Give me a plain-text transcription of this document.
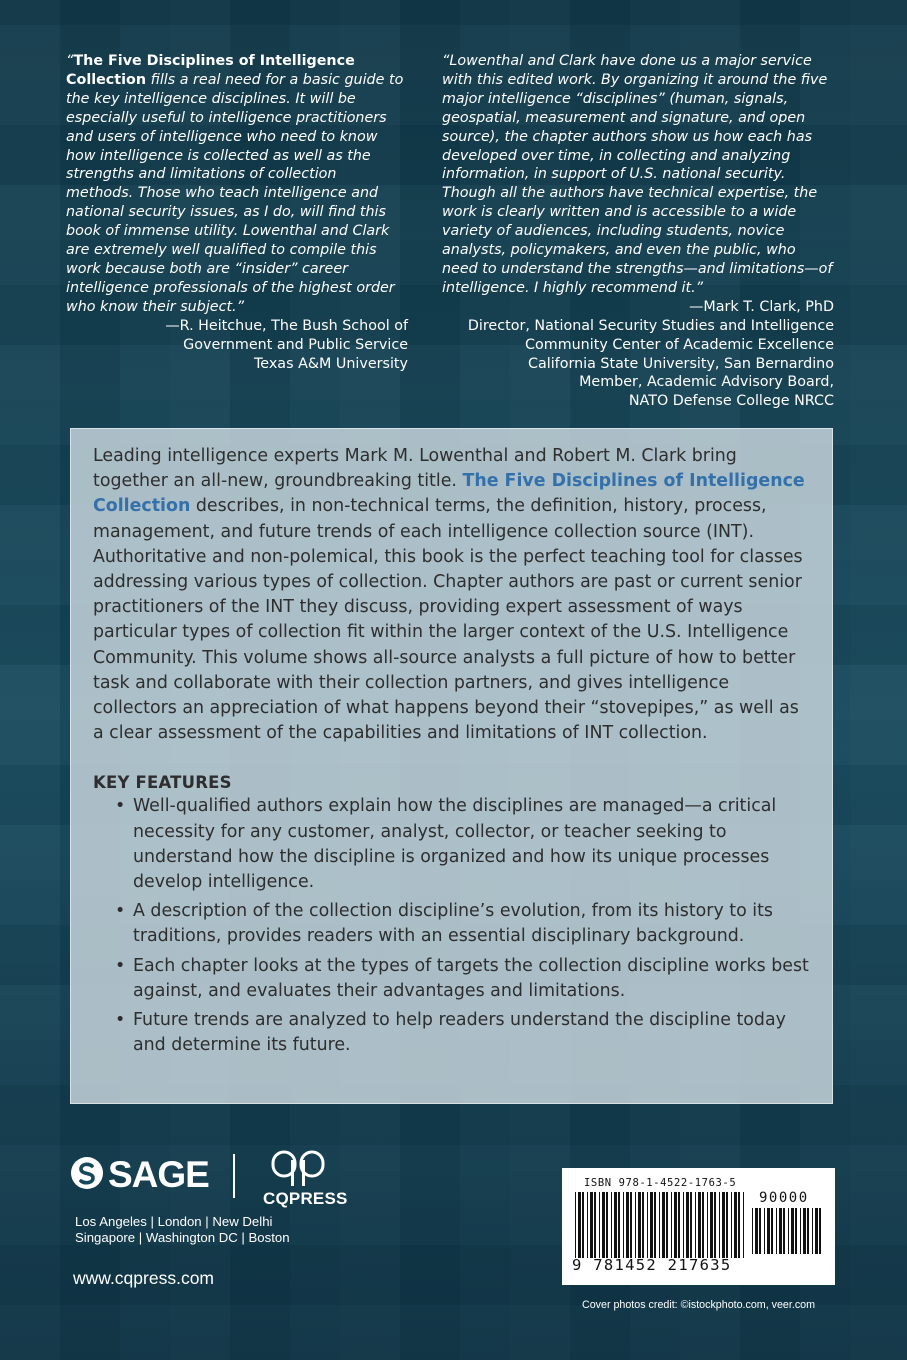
“The Five Disciplines of Intelligence Collection fills a real need for a basic guide to the key intelligence disciplines. It will be especially useful to intelligence practitioners and users of intelligence who need to know how intelligence is collected as well as the strengths and limitations of collection methods. Those who teach intelligence and national security issues, as I do, will find this book of immense utility. Lowenthal and Clark are extremely well qualified to compile this work because both are “insider” career intelligence professionals of the highest order who know their subject.”

—R. Heitchue, The Bush School of
Government and Public Service
Texas A&M University

“Lowenthal and Clark have done us a major service with this edited work. By organizing it around the five major intelligence “disciplines” (human, signals, geospatial, measurement and signature, and open source), the chapter authors show us how each has developed over time, in collecting and analyzing information, in support of U.S. national security. Though all the authors have technical expertise, the work is clearly written and is accessible to a wide variety of audiences, including students, novice analysts, policymakers, and even the public, who need to understand the strengths—and limitations—of intelligence. I highly recommend it.”

—Mark T. Clark, PhD
Director, National Security Studies and Intelligence
Community Center of Academic Excellence
California State University, San Bernardino
Member, Academic Advisory Board,
NATO Defense College NRCC

Leading intelligence experts Mark M. Lowenthal and Robert M. Clark bring together an all-new, groundbreaking title. The Five Disciplines of Intelligence Collection describes, in non-technical terms, the definition, history, process, management, and future trends of each intelligence collection source (INT). Authoritative and non-polemical, this book is the perfect teaching tool for classes addressing various types of collection. Chapter authors are past or current senior practitioners of the INT they discuss, providing expert assessment of ways particular types of collection fit within the larger context of the U.S. Intelligence Community. This volume shows all-source analysts a full picture of how to better task and collaborate with their collection partners, and gives intelligence collectors an appreciation of what happens beyond their “stovepipes,” as well as a clear assessment of the capabilities and limitations of INT collection.

KEY FEATURES
• Well-qualified authors explain how the disciplines are managed—a critical necessity for any customer, analyst, collector, or teacher seeking to understand how the discipline is organized and how its unique processes develop intelligence.
• A description of the collection discipline’s evolution, from its history to its traditions, provides readers with an essential disciplinary background.
• Each chapter looks at the types of targets the collection discipline works best against, and evaluates their advantages and limitations.
• Future trends are analyzed to help readers understand the discipline today and determine its future.
SAGE
CQPRESS

Los Angeles | London | New Delhi

Singapore | Washington DC | Boston

www.cqpress.com
ISBN 978-1-4522-1763-5
90000
9 781452 217635
Cover photos credit: ©istockphoto.com, veer.com
